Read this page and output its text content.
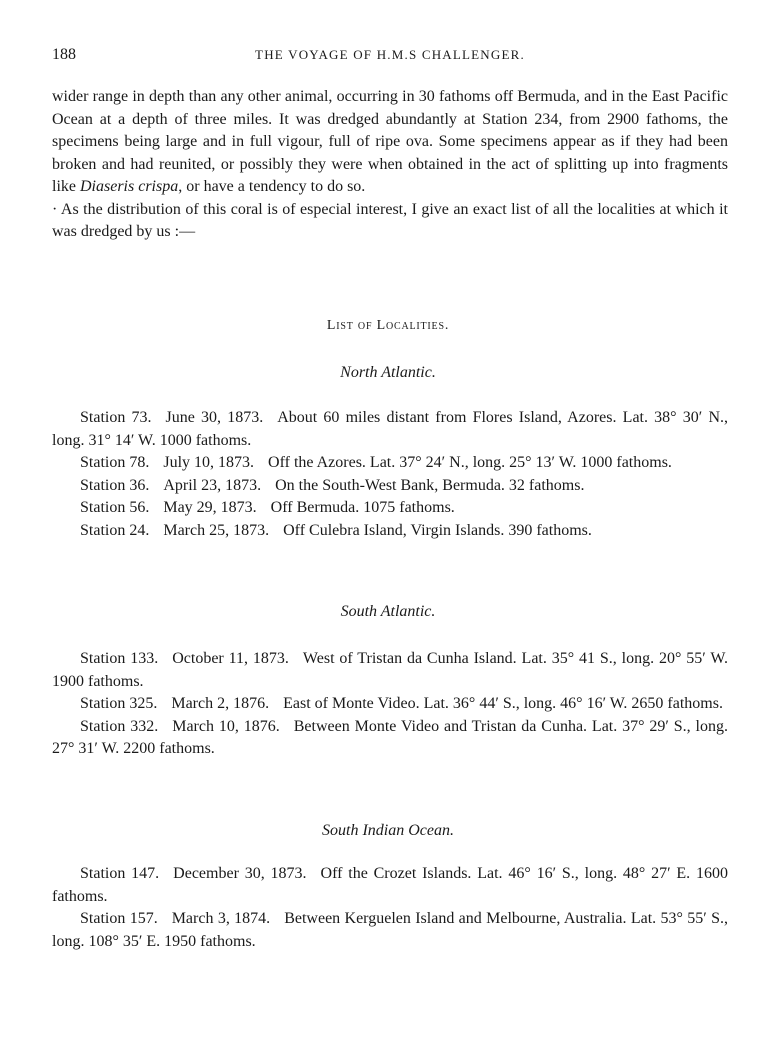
188	THE VOYAGE OF H.M.S CHALLENGER.

wider range in depth than any other animal, occurring in 30 fathoms off Bermuda, and in the East Pacific Ocean at a depth of three miles. It was dredged abundantly at Station 234, from 2900 fathoms, the specimens being large and in full vigour, full of ripe ova. Some specimens appear as if they had been broken and had reunited, or possibly they were when obtained in the act of splitting up into fragments like Diaseris crispa, or have a tendency to do so.

· As the distribution of this coral is of especial interest, I give an exact list of all the localities at which it was dredged by us :—

List of Localities.
North Atlantic.

Station 73. June 30, 1873. About 60 miles distant from Flores Island, Azores. Lat. 38° 30′ N., long. 31° 14′ W. 1000 fathoms.

Station 78. July 10, 1873. Off the Azores. Lat. 37° 24′ N., long. 25° 13′ W. 1000 fathoms.

Station 36. April 23, 1873. On the South-West Bank, Bermuda. 32 fathoms.

Station 56. May 29, 1873. Off Bermuda. 1075 fathoms.

Station 24. March 25, 1873. Off Culebra Island, Virgin Islands. 390 fathoms.

South Atlantic.

Station 133. October 11, 1873. West of Tristan da Cunha Island. Lat. 35° 41 S., long. 20° 55′ W. 1900 fathoms.

Station 325. March 2, 1876. East of Monte Video. Lat. 36° 44′ S., long. 46° 16′ W. 2650 fathoms.

Station 332. March 10, 1876. Between Monte Video and Tristan da Cunha. Lat. 37° 29′ S., long. 27° 31′ W. 2200 fathoms.

South Indian Ocean.

Station 147. December 30, 1873. Off the Crozet Islands. Lat. 46° 16′ S., long. 48° 27′ E. 1600 fathoms.

Station 157. March 3, 1874. Between Kerguelen Island and Melbourne, Australia. Lat. 53° 55′ S., long. 108° 35′ E. 1950 fathoms.
